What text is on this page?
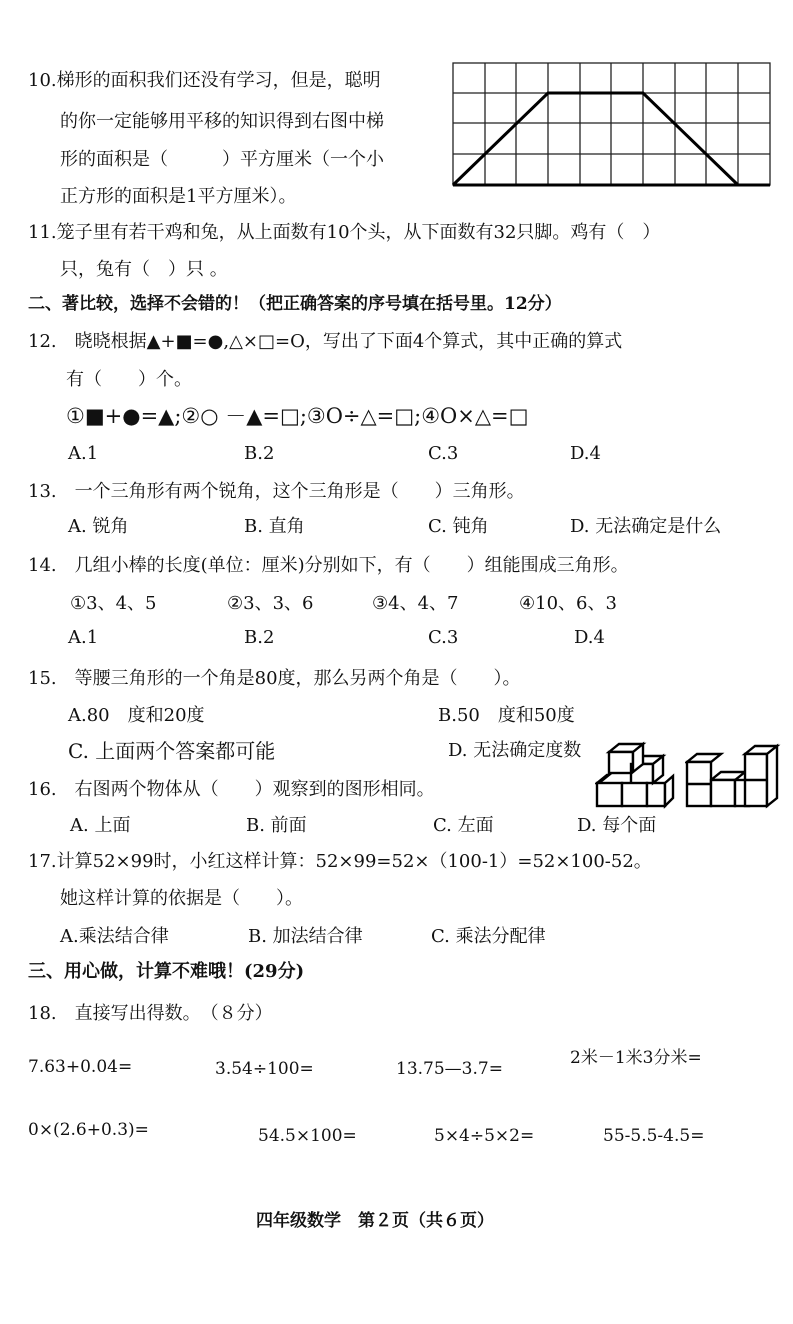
10.梯形的面积我们还没有学习，但是，聪明
的你一定能够用平移的知识得到右图中梯
形的面积是（　　　）平方厘米（一个小
正方形的面积是1平方厘米）。
11.笼子里有若干鸡和兔，从上面数有10个头，从下面数有32只脚。鸡有（　）
只，兔有（　）只 。
二、著比较，选择不会错的！（把正确答案的序号填在括号里。12分）
12.　晓晓根据▲+■=●,△×□=O，写出了下面4个算式，其中正确的算式
有（　　）个。
①■+●=▲;②○ －▲=□;③O÷△=□;④O×△=□
A.1	B.2	C.3	D.4
13.　一个三角形有两个锐角，这个三角形是（　　）三角形。
A. 锐角	B. 直角	C. 钝角	D. 无法确定是什么
14.　几组小棒的长度(单位：厘米)分别如下，有（　　）组能围成三角形。
①3、4、5	②3、3、6	③4、4、7	④10、6、3
A.1	B.2	C.3	D.4
15.　等腰三角形的一个角是80度，那么另两个角是（　　）。
A.80　度和20度	B.50　度和50度
C. 上面两个答案都可能	D. 无法确定度数
16.　右图两个物体从（　　）观察到的图形相同。
A. 上面	B. 前面	C. 左面	D. 每个面
17.计算52×99时，小红这样计算：52×99=52×（100-1）=52×100-52。
她这样计算的依据是（　　）。
A.乘法结合律	B. 加法结合律	C. 乘法分配律
三、用心做，计算不难哦！(29分)
18.　直接写出得数。　（８分）
7.63+0.04=	3.54÷100=	13.75—3.7=
2米－1米3分米=
0×(2.6+0.3)=	54.5×100=	5×4÷5×2=	55-5.5-4.5=
四年级数学　第２页（共６页）
